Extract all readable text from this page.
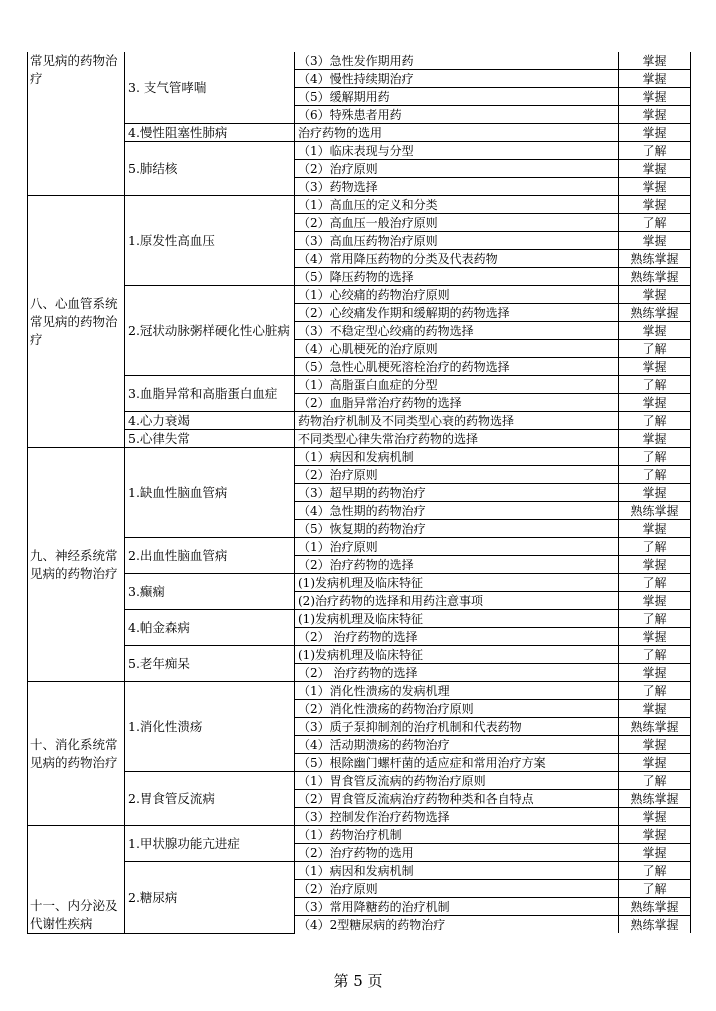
常见病的药物治疗	3. 支气管哮喘	（3）急性发作期用药	掌握
		（4）慢性持续期治疗	掌握
		（5）缓解期用药	掌握
		（6）特殊患者用药	掌握
	4.慢性阻塞性肺病	治疗药物的选用	掌握
	5.肺结核	（1）临床表现与分型	了解
		（2）治疗原则	掌握
		（3）药物选择	掌握
八、心血管系统常见病的药物治疗	1.原发性高血压	（1）高血压的定义和分类	掌握
		（2）高血压一般治疗原则	了解
		（3）高血压药物治疗原则	掌握
		（4）常用降压药物的分类及代表药物	熟练掌握
		（5）降压药物的选择	熟练掌握
	2.冠状动脉粥样硬化性心脏病	（1）心绞痛的药物治疗原则	掌握
		（2）心绞痛发作期和缓解期的药物选择	熟练掌握
		（3）不稳定型心绞痛的药物选择	掌握
		（4）心肌梗死的治疗原则	了解
		（5）急性心肌梗死溶栓治疗的药物选择	掌握
	3.血脂异常和高脂蛋白血症	（1）高脂蛋白血症的分型	了解
		（2）血脂异常治疗药物的选择	掌握
	4.心力衰竭	药物治疗机制及不同类型心衰的药物选择	了解
	5.心律失常	不同类型心律失常治疗药物的选择	掌握
九、神经系统常见病的药物治疗	1.缺血性脑血管病	（1）病因和发病机制	了解
		（2）治疗原则	了解
		（3）超早期的药物治疗	掌握
		（4）急性期的药物治疗	熟练掌握
		（5）恢复期的药物治疗	掌握
	2.出血性脑血管病	（1）治疗原则	了解
		（2）治疗药物的选择	掌握
	3.癫痫	(1)发病机理及临床特征	了解
		(2)治疗药物的选择和用药注意事项	掌握
	4.帕金森病	(1)发病机理及临床特征	了解
		（2） 治疗药物的选择	掌握
	5.老年痴呆	(1)发病机理及临床特征	了解
		（2） 治疗药物的选择	掌握
十、消化系统常见病的药物治疗	1.消化性溃疡	（1）消化性溃疡的发病机理	了解
		（2）消化性溃疡的药物治疗原则	掌握
		（3）质子泵抑制剂的治疗机制和代表药物	熟练掌握
		（4）活动期溃疡的药物治疗	掌握
		（5）根除幽门螺杆菌的适应症和常用治疗方案	掌握
	2.胃食管反流病	（1）胃食管反流病的药物治疗原则	了解
		（2）胃食管反流病治疗药物种类和各自特点	熟练掌握
		（3）控制发作治疗药物选择	掌握
十一、内分泌及代谢性疾病	1.甲状腺功能亢进症	（1）药物治疗机制	掌握
		（2）治疗药物的选用	掌握
	2.糖尿病	（1）病因和发病机制	了解
		（2）治疗原则	了解
		（3）常用降糖药的治疗机制	熟练掌握
		（4）2型糖尿病的药物治疗	熟练掌握
第 5 页
